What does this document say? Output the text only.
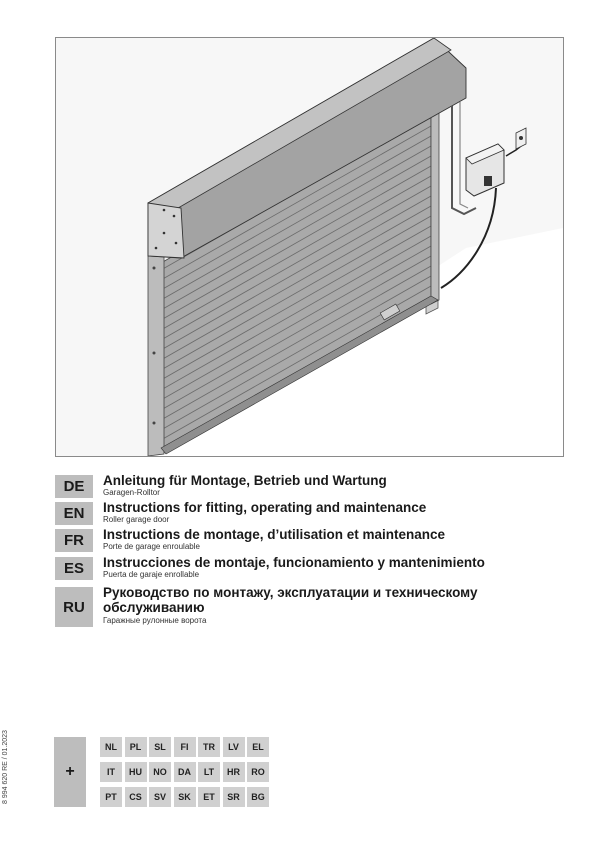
DE	Anleitung für Montage, Betrieb und Wartung
Garagen-Rolltor
EN	Instructions for fitting, operating and maintenance
Roller garage door
FR	Instructions de montage, d’utilisation et maintenance
Porte de garage enroulable
ES	Instrucciones de montaje, funcionamiento y mantenimiento
Puerta de garaje enrollable
RU
Руководство по монтажу, эксплуатации и техническому
обслуживанию
Гаражные рулонные ворота
8 994 620 RE / 01.2023	+
NL	PL	SL	FI	TR	LV	EL
IT	HU	NO	DA	LT	HR	RO
PT	CS	SV	SK	ET	SR	BG
